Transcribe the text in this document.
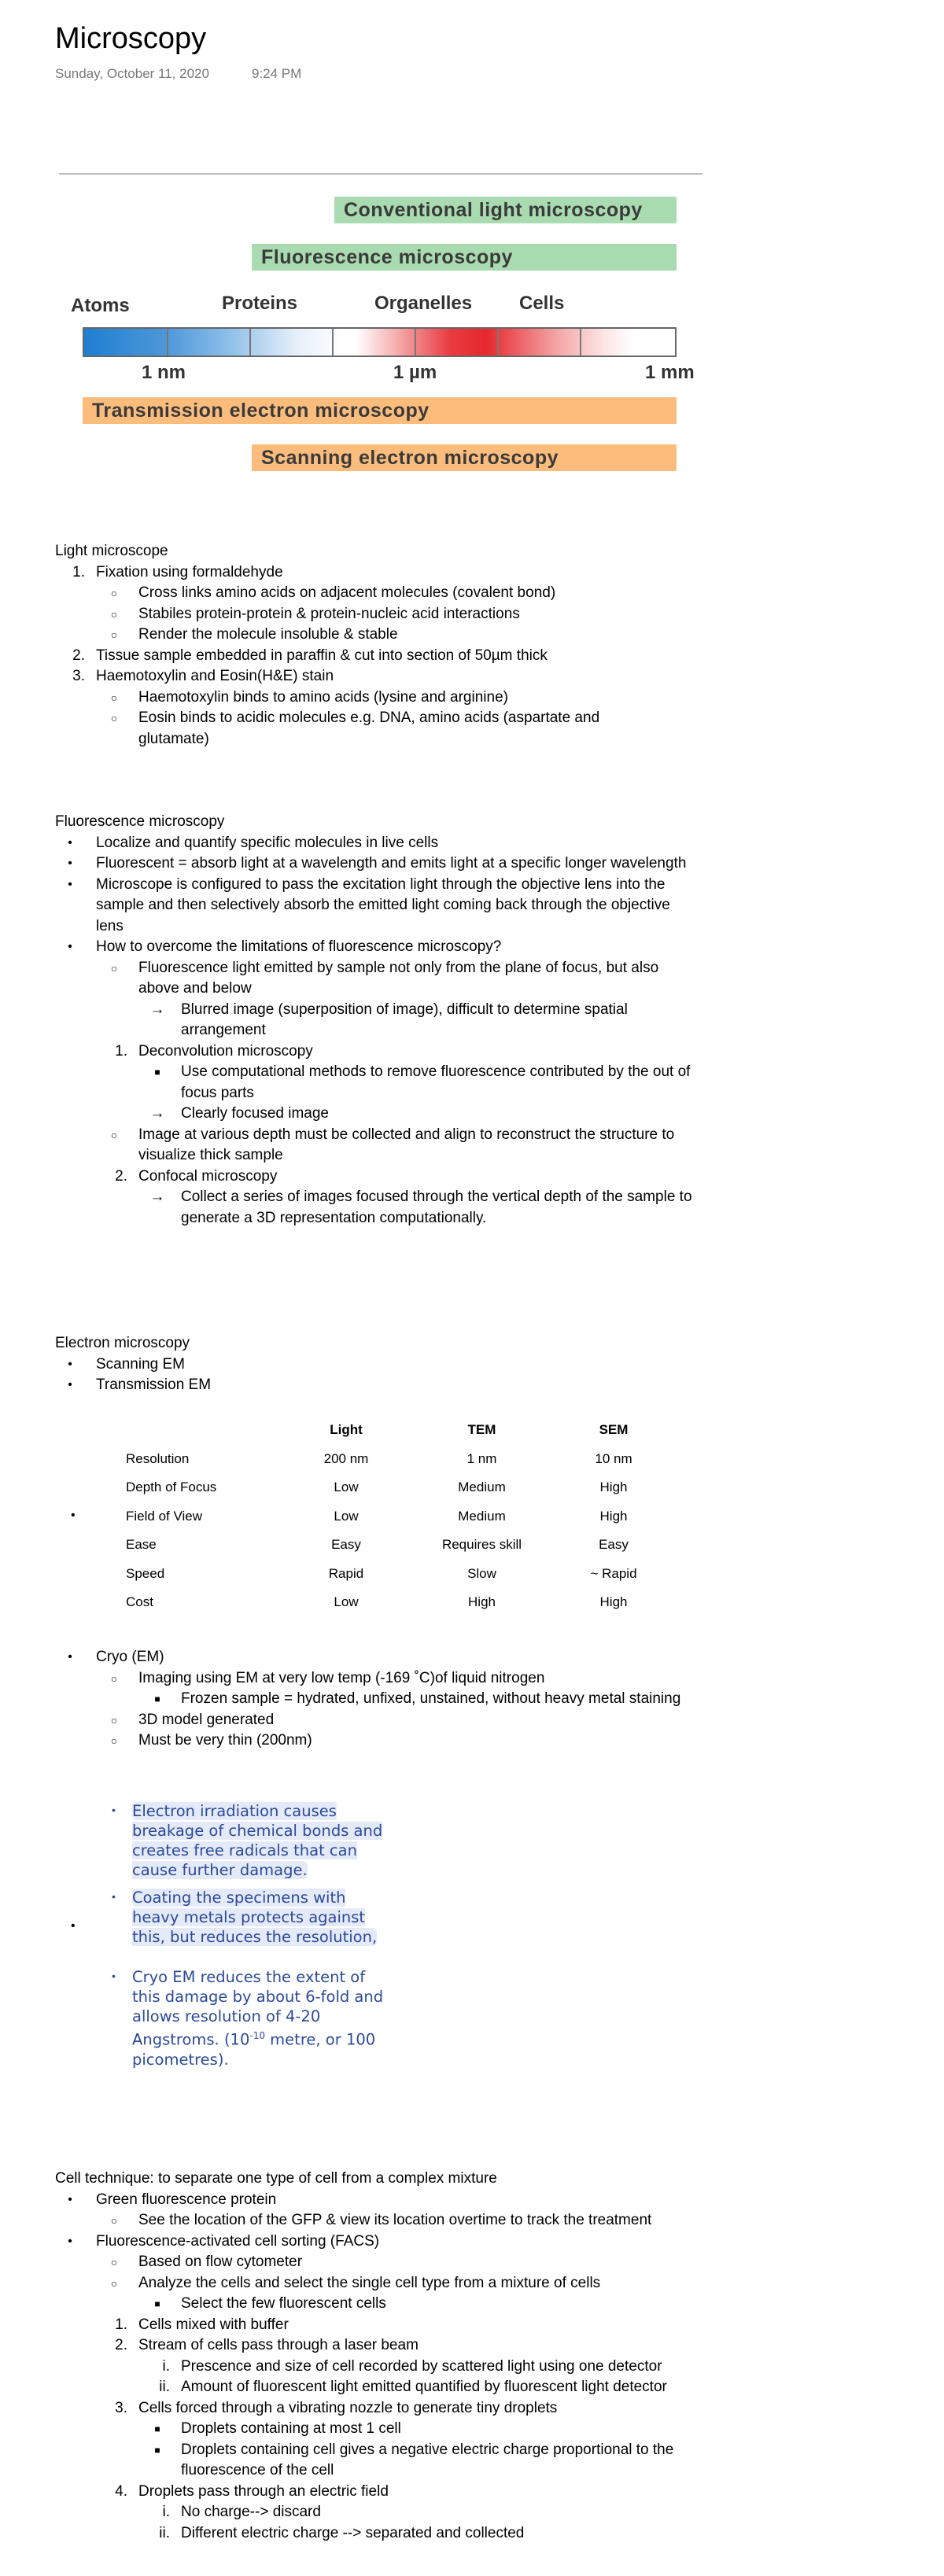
Microscopy
Sunday, October 11, 2020	9:24 PM
Conventional light microscopy
Fluorescence microscopy
Atoms	Proteins	Organelles Cells
1 nm	1 µm	1 mm
Transmission electron microscopy
Scanning electron microscopy
Light microscope
1. Fixation using formaldehyde
○	Cross links amino acids on adjacent molecules (covalent bond)
○	Stabiles protein-protein & protein-nucleic acid interactions
○	Render the molecule insoluble & stable
2. Tissue sample embedded in paraffin & cut into section of 50µm thick
3. Haemotoxylin and Eosin(H&E) stain
○	Haemotoxylin binds to amino acids (lysine and arginine)
○	Eosin binds to acidic molecules e.g. DNA, amino acids (aspartate and glutamate)
Fluorescence microscopy
•	Localize and quantify specific molecules in live cells
•	Fluorescent = absorb light at a wavelength and emits light at a specific longer wavelength
•	Microscope is configured to pass the excitation light through the objective lens into the sample and then selectively absorb the emitted light coming back through the objective lens
•	How to overcome the limitations of fluorescence microscopy?
○	Fluorescence light emitted by sample not only from the plane of focus, but also above and below
→	Blurred image (superposition of image), difficult to determine spatial arrangement
1. Deconvolution microscopy
■	Use computational methods to remove fluorescence contributed by the out of focus parts
→	Clearly focused image
○	Image at various depth must be collected and align to reconstruct the structure to visualize thick sample
2. Confocal microscopy
→	Collect a series of images focused through the vertical depth of the sample to generate a 3D representation computationally.
Electron microscopy
•	Scanning EM
•	Transmission EM
•
	Light	TEM	SEM
Resolution	200 nm	1 nm	10 nm
Depth of Focus	Low	Medium	High
Field of View	Low	Medium	High
Ease	Easy	Requires skill	Easy
Speed	Rapid	Slow	~ Rapid
Cost	Low	High	High
•	Cryo (EM)
○	Imaging using EM at very low temp (-169 ˚C)of liquid nitrogen
■	Frozen sample = hydrated, unfixed, unstained, without heavy metal staining
○	3D model generated
○	Must be very thin (200nm)
•
• Electron irradiation causes breakage of chemical bonds and creates free radicals that can cause further damage.
• Coating the specimens with heavy metals protects against this, but reduces the resolution,
• Cryo EM reduces the extent of this damage by about 6-fold and allows resolution of 4-20 Angstroms. ($10^{-10}$ metre, or 100 picometres).
Cell technique: to separate one type of cell from a complex mixture
•	Green fluorescence protein
○	See the location of the GFP & view its location overtime to track the treatment
•	Fluorescence-activated cell sorting (FACS)
○	Based on flow cytometer
○	Analyze the cells and select the single cell type from a mixture of cells
■	Select the few fluorescent cells
1. Cells mixed with buffer
2. Stream of cells pass through a laser beam
i. Prescence and size of cell recorded by scattered light using one detector
ii. Amount of fluorescent light emitted quantified by fluorescent light detector
3. Cells forced through a vibrating nozzle to generate tiny droplets
■	Droplets containing at most 1 cell
■	Droplets containing cell gives a negative electric charge proportional to the fluorescence of the cell
4. Droplets pass through an electric field
i. No charge--> discard
ii. Different electric charge --> separated and collected
